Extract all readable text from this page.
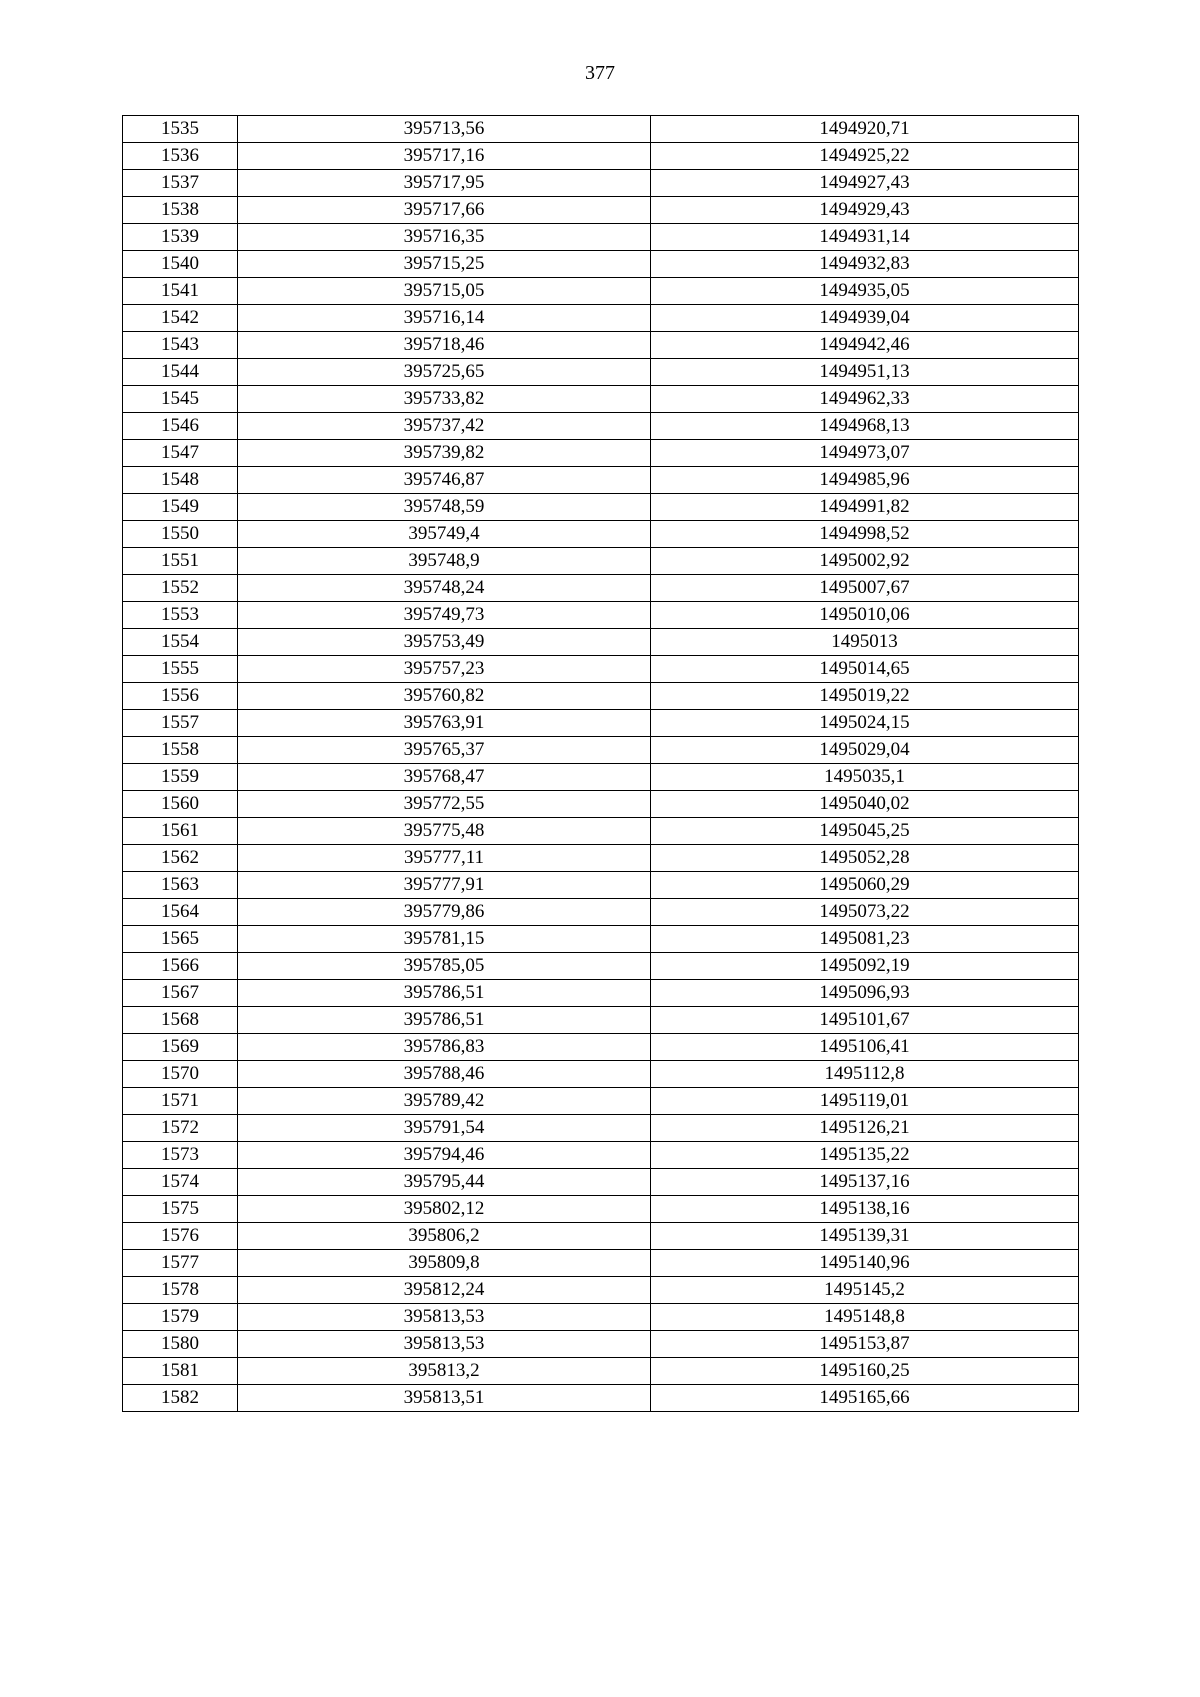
377
1535	395713,56	1494920,71
1536	395717,16	1494925,22
1537	395717,95	1494927,43
1538	395717,66	1494929,43
1539	395716,35	1494931,14
1540	395715,25	1494932,83
1541	395715,05	1494935,05
1542	395716,14	1494939,04
1543	395718,46	1494942,46
1544	395725,65	1494951,13
1545	395733,82	1494962,33
1546	395737,42	1494968,13
1547	395739,82	1494973,07
1548	395746,87	1494985,96
1549	395748,59	1494991,82
1550	395749,4	1494998,52
1551	395748,9	1495002,92
1552	395748,24	1495007,67
1553	395749,73	1495010,06
1554	395753,49	1495013
1555	395757,23	1495014,65
1556	395760,82	1495019,22
1557	395763,91	1495024,15
1558	395765,37	1495029,04
1559	395768,47	1495035,1
1560	395772,55	1495040,02
1561	395775,48	1495045,25
1562	395777,11	1495052,28
1563	395777,91	1495060,29
1564	395779,86	1495073,22
1565	395781,15	1495081,23
1566	395785,05	1495092,19
1567	395786,51	1495096,93
1568	395786,51	1495101,67
1569	395786,83	1495106,41
1570	395788,46	1495112,8
1571	395789,42	1495119,01
1572	395791,54	1495126,21
1573	395794,46	1495135,22
1574	395795,44	1495137,16
1575	395802,12	1495138,16
1576	395806,2	1495139,31
1577	395809,8	1495140,96
1578	395812,24	1495145,2
1579	395813,53	1495148,8
1580	395813,53	1495153,87
1581	395813,2	1495160,25
1582	395813,51	1495165,66
